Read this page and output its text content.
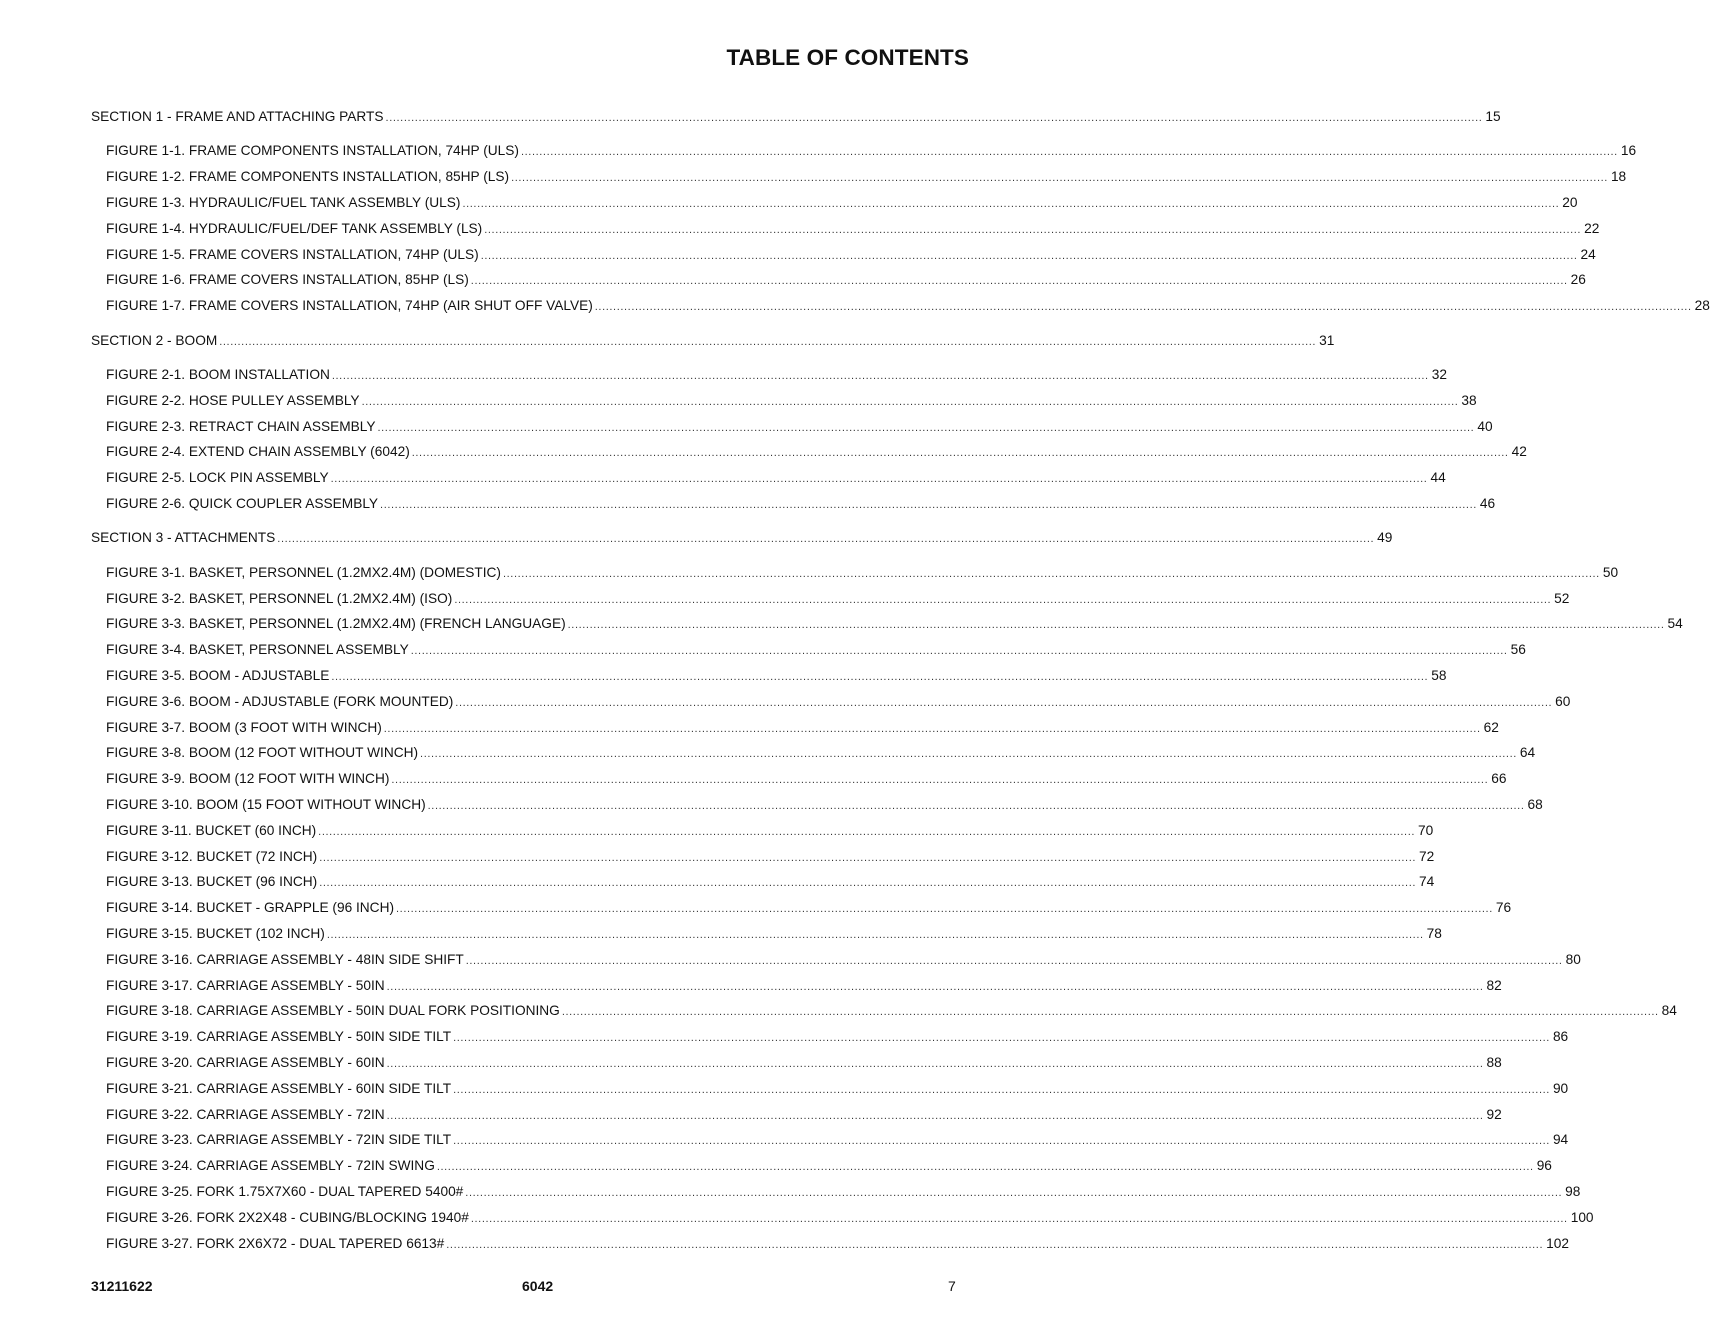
TABLE OF CONTENTS
SECTION 1 - FRAME AND ATTACHING PARTS ............................................................................................................................................................................................................................................................................................................ 15
FIGURE 1-1. FRAME COMPONENTS INSTALLATION, 74HP (ULS) ............................................................................................................................................................................................................................................................................................................ 16
FIGURE 1-2. FRAME COMPONENTS INSTALLATION, 85HP (LS) ............................................................................................................................................................................................................................................................................................................ 18
FIGURE 1-3. HYDRAULIC/FUEL TANK ASSEMBLY (ULS) ............................................................................................................................................................................................................................................................................................................ 20
FIGURE 1-4. HYDRAULIC/FUEL/DEF TANK ASSEMBLY (LS) ............................................................................................................................................................................................................................................................................................................ 22
FIGURE 1-5. FRAME COVERS INSTALLATION, 74HP (ULS) ............................................................................................................................................................................................................................................................................................................ 24
FIGURE 1-6. FRAME COVERS INSTALLATION, 85HP (LS) ............................................................................................................................................................................................................................................................................................................ 26
FIGURE 1-7. FRAME COVERS INSTALLATION, 74HP (AIR SHUT OFF VALVE) ............................................................................................................................................................................................................................................................................................................ 28
SECTION 2 - BOOM ............................................................................................................................................................................................................................................................................................................ 31
FIGURE 2-1. BOOM INSTALLATION ............................................................................................................................................................................................................................................................................................................ 32
FIGURE 2-2. HOSE PULLEY ASSEMBLY ............................................................................................................................................................................................................................................................................................................ 38
FIGURE 2-3. RETRACT CHAIN ASSEMBLY ............................................................................................................................................................................................................................................................................................................ 40
FIGURE 2-4. EXTEND CHAIN ASSEMBLY (6042) ............................................................................................................................................................................................................................................................................................................ 42
FIGURE 2-5. LOCK PIN ASSEMBLY ............................................................................................................................................................................................................................................................................................................ 44
FIGURE 2-6. QUICK COUPLER ASSEMBLY ............................................................................................................................................................................................................................................................................................................ 46
SECTION 3 - ATTACHMENTS ............................................................................................................................................................................................................................................................................................................ 49
FIGURE 3-1. BASKET, PERSONNEL (1.2MX2.4M) (DOMESTIC) ............................................................................................................................................................................................................................................................................................................ 50
FIGURE 3-2. BASKET, PERSONNEL (1.2MX2.4M) (ISO) ............................................................................................................................................................................................................................................................................................................ 52
FIGURE 3-3. BASKET, PERSONNEL (1.2MX2.4M) (FRENCH LANGUAGE) ............................................................................................................................................................................................................................................................................................................ 54
FIGURE 3-4. BASKET, PERSONNEL ASSEMBLY ............................................................................................................................................................................................................................................................................................................ 56
FIGURE 3-5. BOOM - ADJUSTABLE ............................................................................................................................................................................................................................................................................................................ 58
FIGURE 3-6. BOOM - ADJUSTABLE (FORK MOUNTED) ............................................................................................................................................................................................................................................................................................................ 60
FIGURE 3-7. BOOM (3 FOOT WITH WINCH) ............................................................................................................................................................................................................................................................................................................ 62
FIGURE 3-8. BOOM (12 FOOT WITHOUT WINCH) ............................................................................................................................................................................................................................................................................................................ 64
FIGURE 3-9. BOOM (12 FOOT WITH WINCH) ............................................................................................................................................................................................................................................................................................................ 66
FIGURE 3-10. BOOM (15 FOOT WITHOUT WINCH) ............................................................................................................................................................................................................................................................................................................ 68
FIGURE 3-11. BUCKET (60 INCH) ............................................................................................................................................................................................................................................................................................................ 70
FIGURE 3-12. BUCKET (72 INCH) ............................................................................................................................................................................................................................................................................................................ 72
FIGURE 3-13. BUCKET (96 INCH) ............................................................................................................................................................................................................................................................................................................ 74
FIGURE 3-14. BUCKET - GRAPPLE (96 INCH) ............................................................................................................................................................................................................................................................................................................ 76
FIGURE 3-15. BUCKET (102 INCH) ............................................................................................................................................................................................................................................................................................................ 78
FIGURE 3-16. CARRIAGE ASSEMBLY - 48IN SIDE SHIFT ............................................................................................................................................................................................................................................................................................................ 80
FIGURE 3-17. CARRIAGE ASSEMBLY - 50IN ............................................................................................................................................................................................................................................................................................................ 82
FIGURE 3-18. CARRIAGE ASSEMBLY - 50IN DUAL FORK POSITIONING ............................................................................................................................................................................................................................................................................................................ 84
FIGURE 3-19. CARRIAGE ASSEMBLY - 50IN SIDE TILT ............................................................................................................................................................................................................................................................................................................ 86
FIGURE 3-20. CARRIAGE ASSEMBLY - 60IN ............................................................................................................................................................................................................................................................................................................ 88
FIGURE 3-21. CARRIAGE ASSEMBLY - 60IN SIDE TILT ............................................................................................................................................................................................................................................................................................................ 90
FIGURE 3-22. CARRIAGE ASSEMBLY - 72IN ............................................................................................................................................................................................................................................................................................................ 92
FIGURE 3-23. CARRIAGE ASSEMBLY - 72IN SIDE TILT ............................................................................................................................................................................................................................................................................................................ 94
FIGURE 3-24. CARRIAGE ASSEMBLY - 72IN SWING ............................................................................................................................................................................................................................................................................................................ 96
FIGURE 3-25. FORK 1.75X7X60 - DUAL TAPERED 5400# ............................................................................................................................................................................................................................................................................................................ 98
FIGURE 3-26. FORK 2X2X48 - CUBING/BLOCKING 1940# ............................................................................................................................................................................................................................................................................................................ 100
FIGURE 3-27. FORK 2X6X72 - DUAL TAPERED 6613# ............................................................................................................................................................................................................................................................................................................ 102
31211622	6042	7
